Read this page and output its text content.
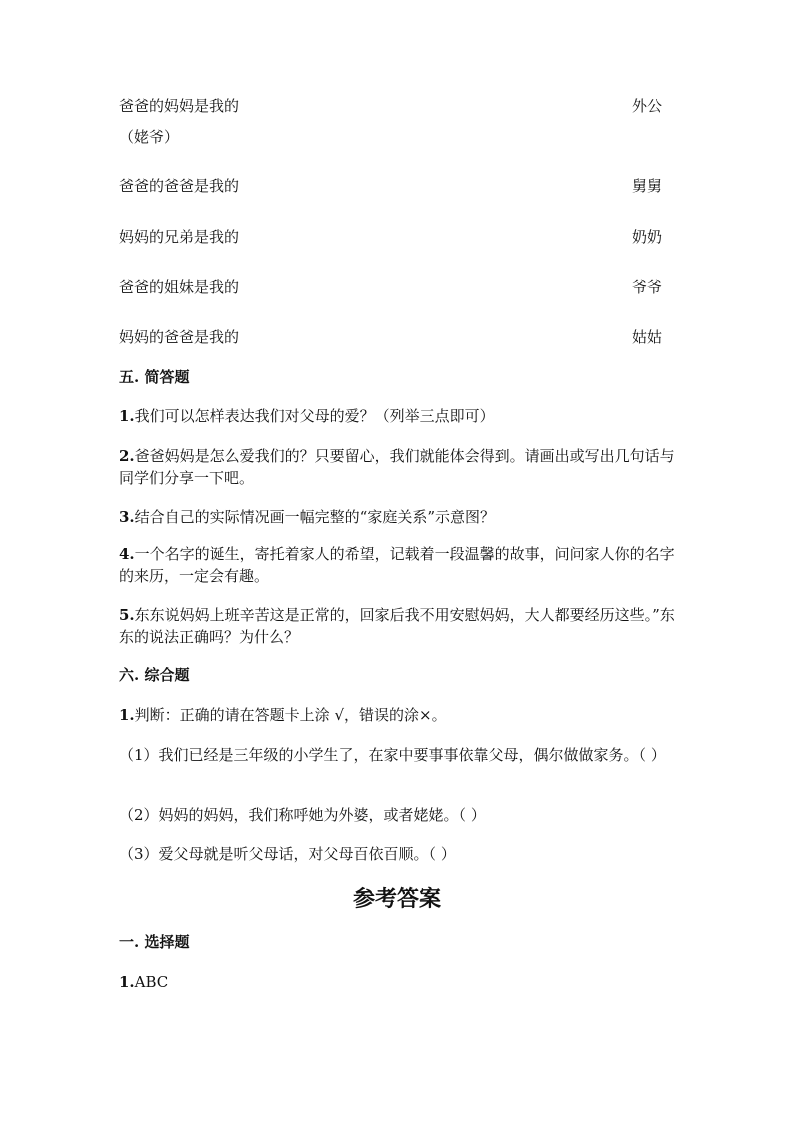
爸爸的妈妈是我的	外公
（姥爷）
爸爸的爸爸是我的	舅舅
妈妈的兄弟是我的	奶奶
爸爸的姐妹是我的	爷爷
妈妈的爸爸是我的	姑姑
五. 简答题
1.我们可以怎样表达我们对父母的爱？（列举三点即可）
2.爸爸妈妈是怎么爱我们的？只要留心，我们就能体会得到。请画出或写出几句话与同学们分享一下吧。
3.结合自己的实际情况画一幅完整的“家庭关系”示意图？
4.一个名字的诞生，寄托着家人的希望，记载着一段温馨的故事，问问家人你的名字的来历，一定会有趣。
5.东东说妈妈上班辛苦这是正常的，回家后我不用安慰妈妈，大人都要经历这些。”东东的说法正确吗？为什么？
六. 综合题
1.判断：正确的请在答题卡上涂 √，错误的涂×。
（1）我们已经是三年级的小学生了，在家中要事事依靠父母，偶尔做做家务。（ ）
（2）妈妈的妈妈，我们称呼她为外婆，或者姥姥。（ ）
（3）爱父母就是听父母话，对父母百依百顺。（ ）
参考答案
一. 选择题
1.ABC
